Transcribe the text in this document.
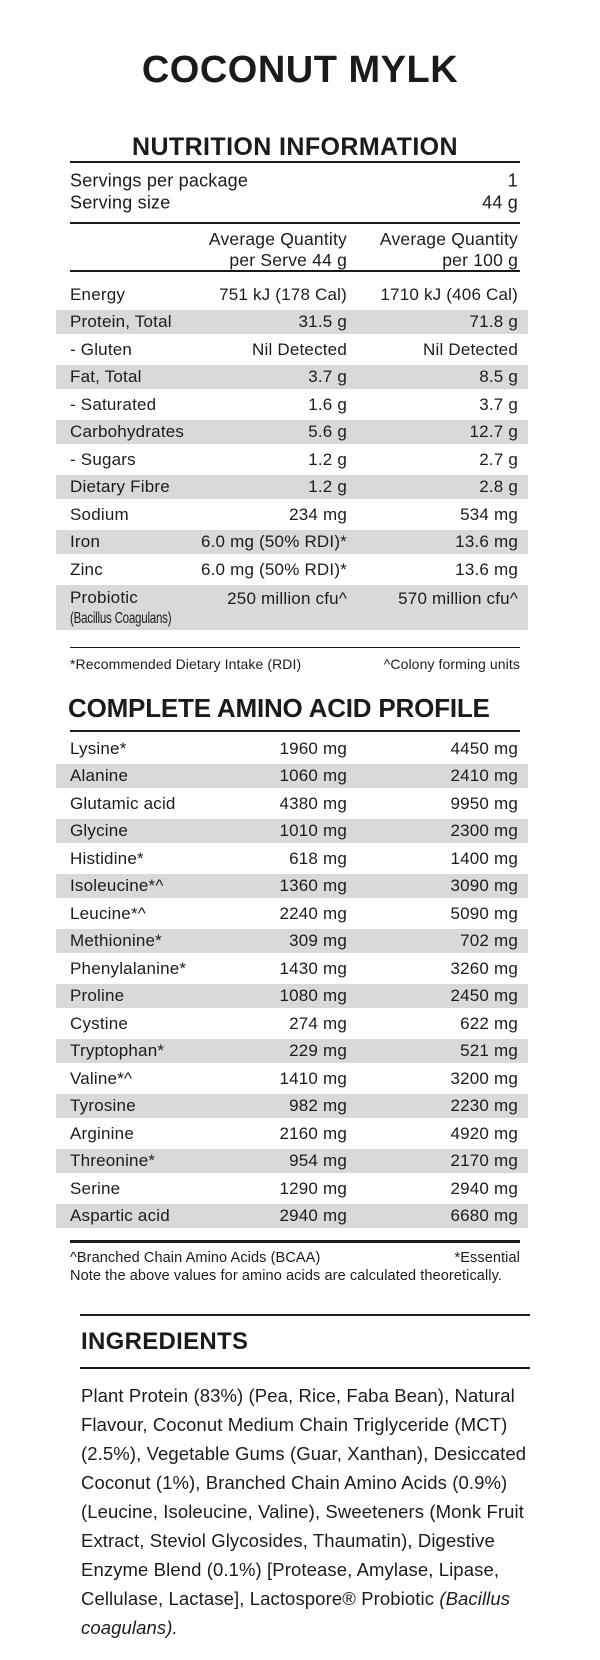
COCONUT MYLK
NUTRITION INFORMATION
Servings per package	1
Serving size	44 g
Average Quantity
per Serve 44 g
Average Quantity
per 100 g
Energy	751 kJ (178 Cal) 1710 kJ (406 Cal)
Protein, Total	31.5 g	71.8 g
- Gluten	Nil Detected	Nil Detected
Fat, Total	3.7 g	8.5 g
- Saturated	1.6 g	3.7 g
Carbohydrates	5.6 g	12.7 g
- Sugars	1.2 g	2.7 g
Dietary Fibre	1.2 g	2.8 g
Sodium	234 mg	534 mg
Iron	6.0 mg (50% RDI)*	13.6 mg
Zinc	6.0 mg (50% RDI)*	13.6 mg
Probiotic
(Bacillus Coagulans)
250 million cfu^	570 million cfu^
*Recommended Dietary Intake (RDI)	^Colony forming units
COMPLETE AMINO ACID PROFILE
Lysine*	1960 mg	4450 mg
Alanine	1060 mg	2410 mg
Glutamic acid	4380 mg	9950 mg
Glycine	1010 mg	2300 mg
Histidine*	618 mg	1400 mg
Isoleucine*^	1360 mg	3090 mg
Leucine*^	2240 mg	5090 mg
Methionine*	309 mg	702 mg
Phenylalanine*	1430 mg	3260 mg
Proline	1080 mg	2450 mg
Cystine	274 mg	622 mg
Tryptophan*	229 mg	521 mg
Valine*^	1410 mg	3200 mg
Tyrosine	982 mg	2230 mg
Arginine	2160 mg	4920 mg
Threonine*	954 mg	2170 mg
Serine	1290 mg	2940 mg
Aspartic acid	2940 mg	6680 mg
^Branched Chain Amino Acids (BCAA)	*Essential
Note the above values for amino acids are calculated theoretically.
INGREDIENTS

Plant Protein (83%) (Pea, Rice, Faba Bean), Natural Flavour, Coconut Medium Chain Triglyceride (MCT) (2.5%), Vegetable Gums (Guar, Xanthan), Desiccated Coconut (1%), Branched Chain Amino Acids (0.9%) (Leucine, Isoleucine, Valine), Sweeteners (Monk Fruit Extract, Steviol Glycosides, Thaumatin), Digestive Enzyme Blend (0.1%) [Protease, Amylase, Lipase, Cellulase, Lactase], Lactospore® Probiotic (Bacillus coagulans).
